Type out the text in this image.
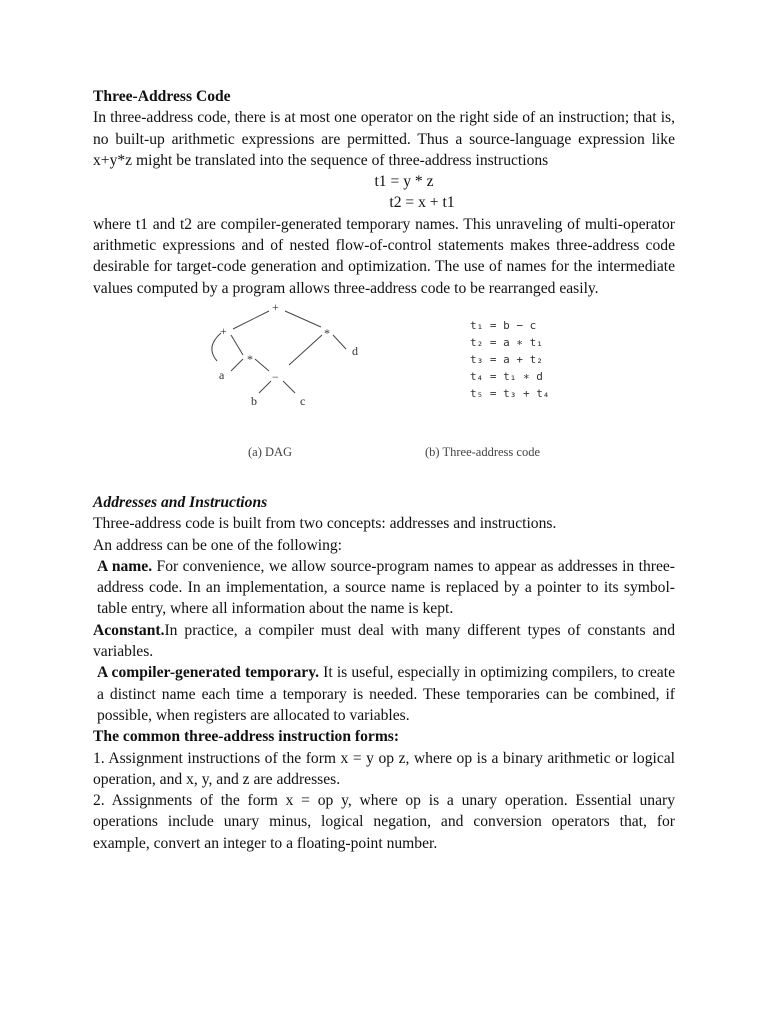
Three-Address Code

In three-address code, there is at most one operator on the right side of an instruction; that is, no built-up arithmetic expressions are permitted. Thus a source-language expression like x+y*z might be translated into the sequence of three-address instructions

t1 = y * z

t2 = x + t1

where t1 and t2 are compiler-generated temporary names. This unraveling of multi-operator arithmetic expressions and of nested flow-of-control statements makes three-address code desirable for target-code generation and optimization. The use of names for the intermediate values computed by a program allows three-address code to be rearranged easily.

+
+	*
*
−
a
b	c
d
t₁ = b − c
t₂ = a ∗ t₁
t₃ = a + t₂
t₄ = t₁ ∗ d
t₅ = t₃ + t₄
(a) DAG	(b) Three-address code

Addresses and Instructions

Three-address code is built from two concepts: addresses and instructions.

An address can be one of the following:

A name. For convenience, we allow source-program names to appear as addresses in three-address code. In an implementation, a source name is replaced by a pointer to its symbol-table entry, where all information about the name is kept.

Aconstant.In practice, a compiler must deal with many different types of constants and variables.

A compiler-generated temporary. It is useful, especially in optimizing compilers, to create a distinct name each time a temporary is needed. These temporaries can be combined, if possible, when registers are allocated to variables.

The common three-address instruction forms:

1. Assignment instructions of the form x = y op z, where op is a binary arithmetic or logical operation, and x, y, and z are addresses.

2. Assignments of the form x = op y, where op is a unary operation. Essential unary operations include unary minus, logical negation, and conversion operators that, for example, convert an integer to a floating-point number.
